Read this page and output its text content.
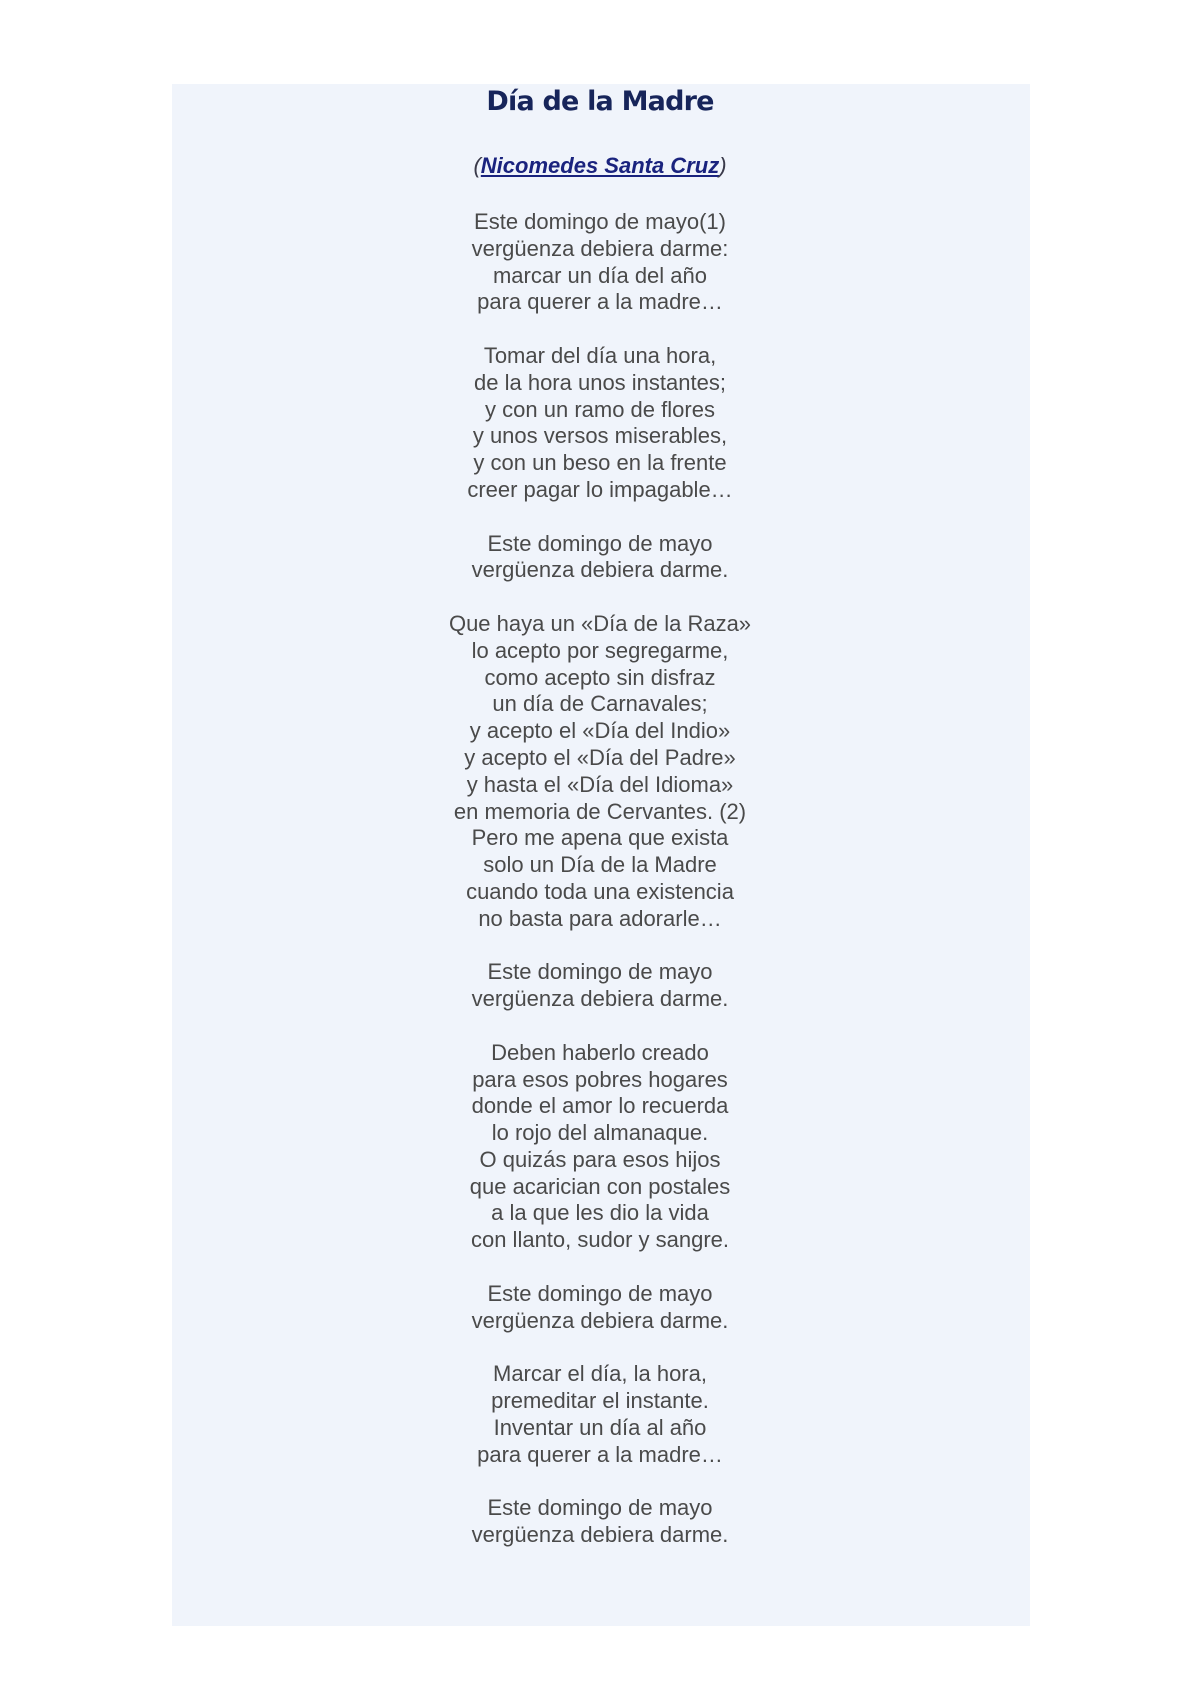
Día de la Madre
(Nicomedes Santa Cruz)
Este domingo de mayo(1)
vergüenza debiera darme:
marcar un día del año
para querer a la madre…
Tomar del día una hora,
de la hora unos instantes;
y con un ramo de flores
y unos versos miserables,
y con un beso en la frente
creer pagar lo impagable…
Este domingo de mayo
vergüenza debiera darme.
Que haya un «Día de la Raza»
lo acepto por segregarme,
como acepto sin disfraz
un día de Carnavales;
y acepto el «Día del Indio»
y acepto el «Día del Padre»
y hasta el «Día del Idioma»
en memoria de Cervantes. (2)
Pero me apena que exista
solo un Día de la Madre
cuando toda una existencia
no basta para adorarle…
Este domingo de mayo
vergüenza debiera darme.
Deben haberlo creado
para esos pobres hogares
donde el amor lo recuerda
lo rojo del almanaque.
O quizás para esos hijos
que acarician con postales
a la que les dio la vida
con llanto, sudor y sangre.
Este domingo de mayo
vergüenza debiera darme.
Marcar el día, la hora,
premeditar el instante.
Inventar un día al año
para querer a la madre…
Este domingo de mayo
vergüenza debiera darme.
